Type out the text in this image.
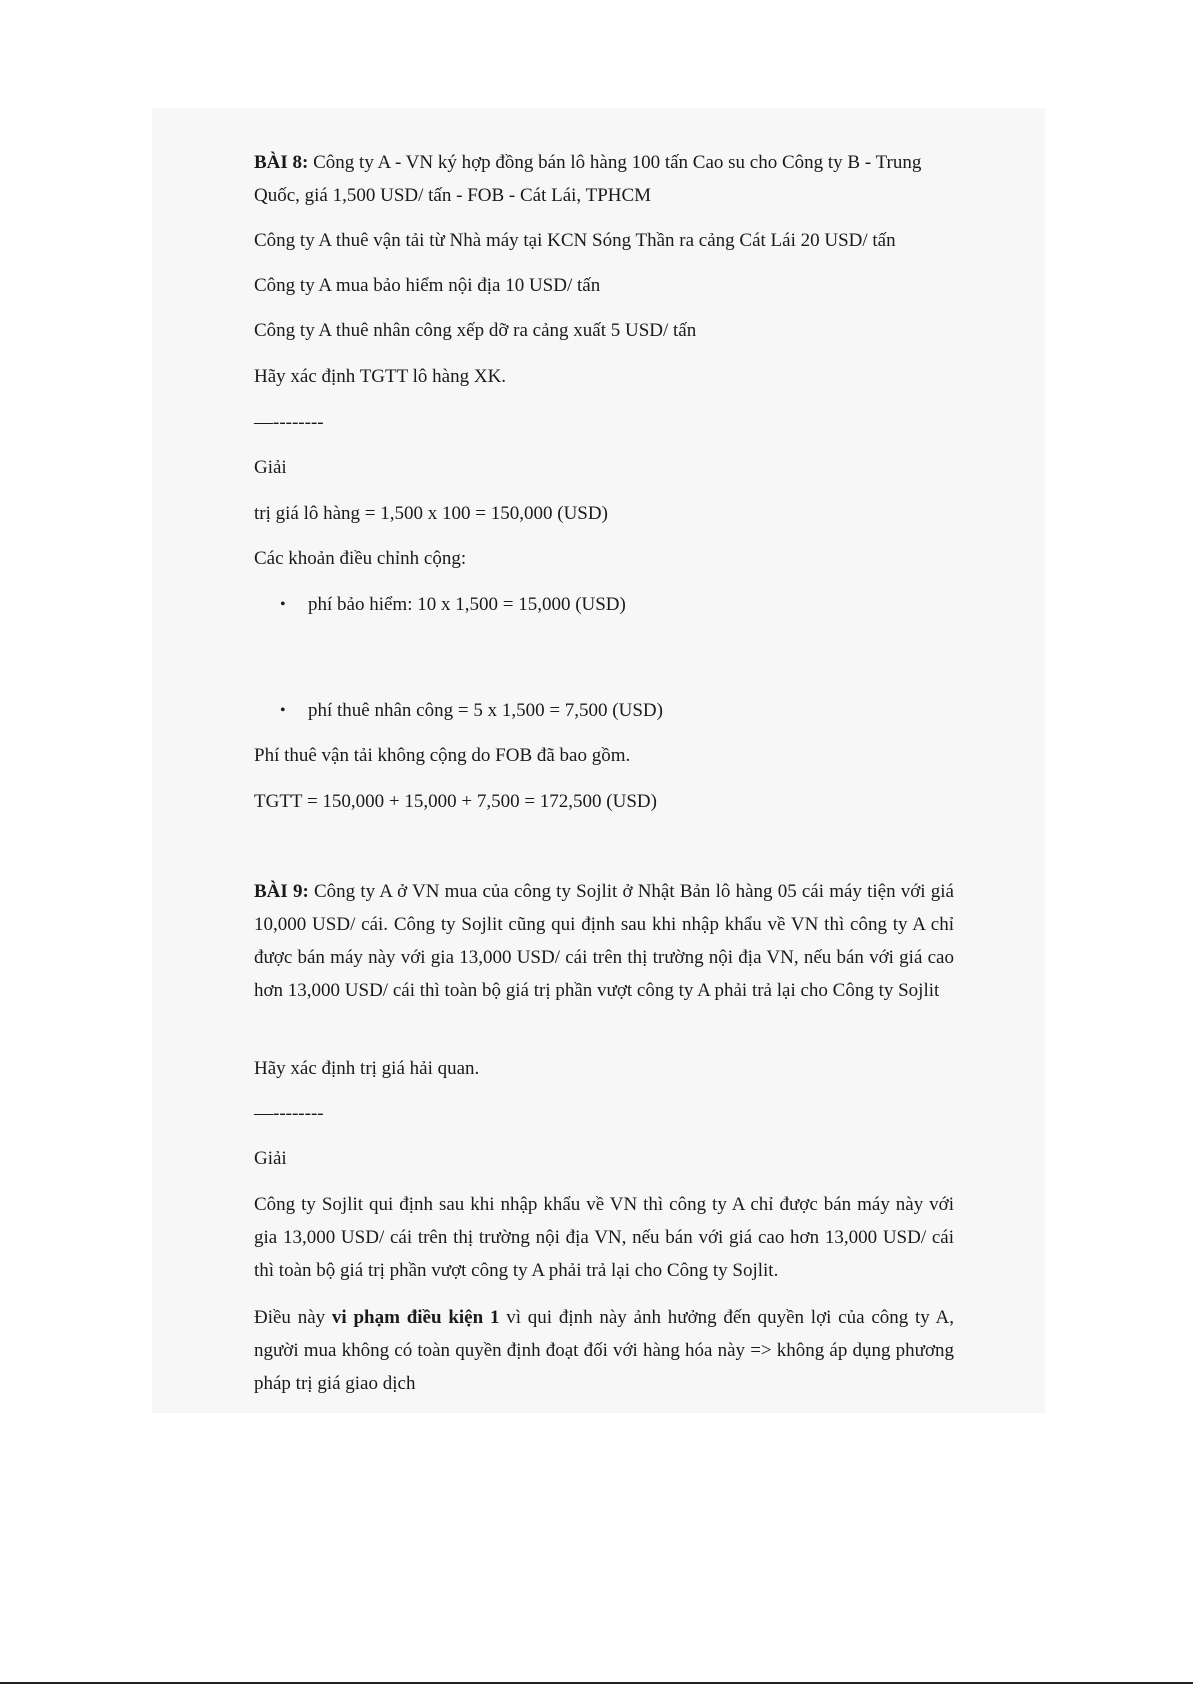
BÀI 8: Công ty A - VN ký hợp đồng bán lô hàng 100 tấn Cao su cho Công ty B - Trung Quốc, giá 1,500 USD/ tấn - FOB - Cát Lái, TPHCM

Công ty A thuê vận tải từ Nhà máy tại KCN Sóng Thần ra cảng Cát Lái 20 USD/ tấn

Công ty A mua bảo hiểm nội địa 10 USD/ tấn

Công ty A thuê nhân công xếp dỡ ra cảng xuất 5 USD/ tấn

Hãy xác định TGTT lô hàng XK.

—--------

Giải

trị giá lô hàng = 1,500 x 100 = 150,000 (USD)

Các khoản điều chỉnh cộng:

• phí bảo hiểm: 10 x 1,500 = 15,000 (USD)

• phí thuê nhân công = 5 x 1,500 = 7,500 (USD)

Phí thuê vận tải không cộng do FOB đã bao gồm.

TGTT = 150,000 + 15,000 + 7,500 = 172,500 (USD)

BÀI 9: Công ty A ở VN mua của công ty Sojlit ở Nhật Bản lô hàng 05 cái máy tiện với giá 10,000 USD/ cái. Công ty Sojlit cũng qui định sau khi nhập khẩu về VN thì công ty A chỉ được bán máy này với gia 13,000 USD/ cái trên thị trường nội địa VN, nếu bán với giá cao hơn 13,000 USD/ cái thì toàn bộ giá trị phần vượt công ty A phải trả lại cho Công ty Sojlit

Hãy xác định trị giá hải quan.

—--------

Giải

Công ty Sojlit qui định sau khi nhập khẩu về VN thì công ty A chỉ được bán máy này với gia 13,000 USD/ cái trên thị trường nội địa VN, nếu bán với giá cao hơn 13,000 USD/ cái thì toàn bộ giá trị phần vượt công ty A phải trả lại cho Công ty Sojlit.

Điều này vi phạm điều kiện 1 vì qui định này ảnh hưởng đến quyền lợi của công ty A, người mua không có toàn quyền định đoạt đối với hàng hóa này => không áp dụng phương pháp trị giá giao dịch
